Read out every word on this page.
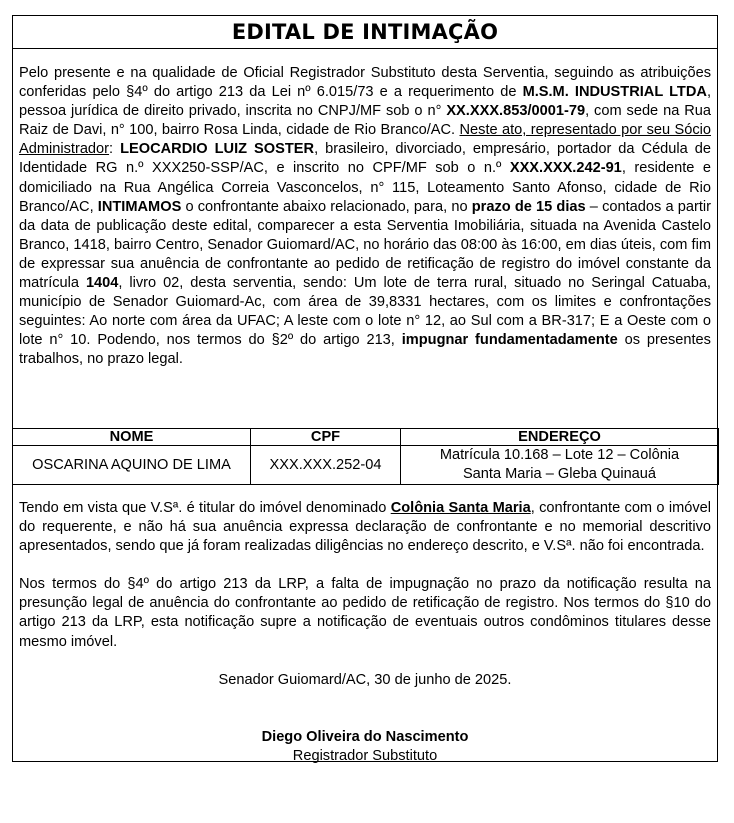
EDITAL DE INTIMAÇÃO
Pelo presente e na qualidade de Oficial Registrador Substituto desta Serventia, seguindo as atribuições conferidas pelo §4º do artigo 213 da Lei nº 6.015/73 e a requerimento de M.S.M. INDUSTRIAL LTDA, pessoa jurídica de direito privado, inscrita no CNPJ/MF sob o n° XX.XXX.853/0001-79, com sede na Rua Raiz de Davi, n° 100, bairro Rosa Linda, cidade de Rio Branco/AC. Neste ato, representado por seu Sócio Administrador: LEOCARDIO LUIZ SOSTER, brasileiro, divorciado, empresário, portador da Cédula de Identidade RG n.º XXX250-SSP/AC, e inscrito no CPF/MF sob o n.º XXX.XXX.242-91, residente e domiciliado na Rua Angélica Correia Vasconcelos, n° 115, Loteamento Santo Afonso, cidade de Rio Branco/AC, INTIMAMOS o confrontante abaixo relacionado, para, no prazo de 15 dias – contados a partir da data de publicação deste edital, comparecer a esta Serventia Imobiliária, situada na Avenida Castelo Branco, 1418, bairro Centro, Senador Guiomard/AC, no horário das 08:00 às 16:00, em dias úteis, com fim de expressar sua anuência de confrontante ao pedido de retificação de registro do imóvel constante da matrícula 1404, livro 02, desta serventia, sendo: Um lote de terra rural, situado no Seringal Catuaba, município de Senador Guiomard-Ac, com área de 39,8331 hectares, com os limites e confrontações seguintes: Ao norte com área da UFAC; A leste com o lote n° 12, ao Sul com a BR-317; E a Oeste com o lote n° 10. Podendo, nos termos do §2º do artigo 213, impugnar fundamentadamente os presentes trabalhos, no prazo legal.
NOME	CPF	ENDEREÇO
OSCARINA AQUINO DE LIMA	XXX.XXX.252-04	Matrícula 10.168 – Lote 12 – Colônia
Santa Maria – Gleba Quinauá
Tendo em vista que V.Sª. é titular do imóvel denominado Colônia Santa Maria, confrontante com o imóvel do requerente, e não há sua anuência expressa declaração de confrontante e no memorial descritivo apresentados, sendo que já foram realizadas diligências no endereço descrito, e V.Sª. não foi encontrada.
Nos termos do §4º do artigo 213 da LRP, a falta de impugnação no prazo da notificação resulta na presunção legal de anuência do confrontante ao pedido de retificação de registro. Nos termos do §10 do artigo 213 da LRP, esta notificação supre a notificação de eventuais outros condôminos titulares desse mesmo imóvel.
Senador Guiomard/AC, 30 de junho de 2025.
Diego Oliveira do Nascimento
Registrador Substituto
